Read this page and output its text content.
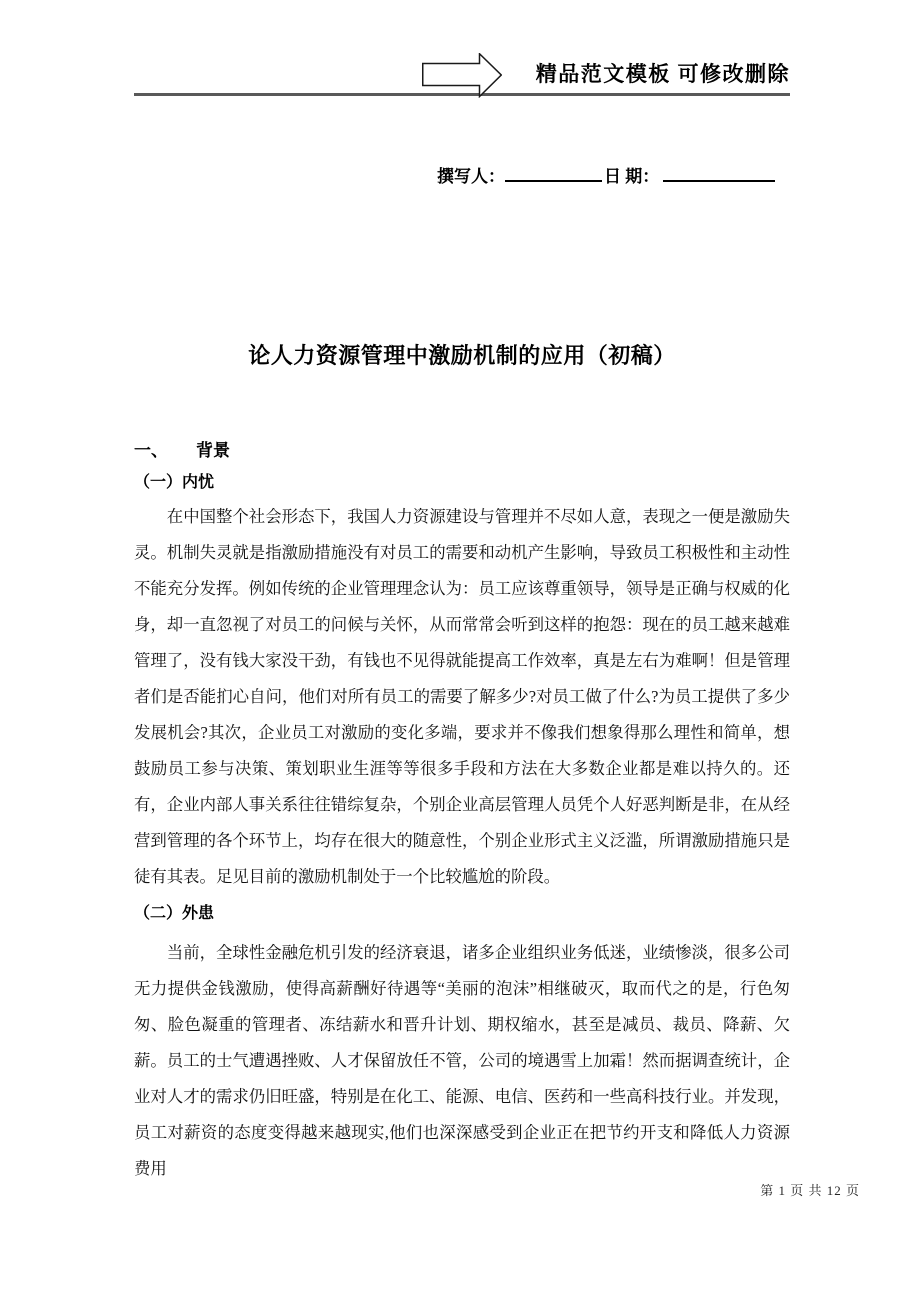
精品范文模板 可修改删除
撰写人：	日 期：
论人力资源管理中激励机制的应用（初稿）
一、 背景
（一）内忧

在中国整个社会形态下，我国人力资源建设与管理并不尽如人意，表现之一便是激励失灵。机制失灵就是指激励措施没有对员工的需要和动机产生影响，导致员工积极性和主动性不能充分发挥。例如传统的企业管理理念认为：员工应该尊重领导，领导是正确与权威的化身，却一直忽视了对员工的问候与关怀，从而常常会听到这样的抱怨：现在的员工越来越难管理了，没有钱大家没干劲，有钱也不见得就能提高工作效率，真是左右为难啊！但是管理者们是否能扪心自问，他们对所有员工的需要了解多少?对员工做了什么?为员工提供了多少发展机会?其次，企业员工对激励的变化多端，要求并不像我们想象得那么理性和简单，想鼓励员工参与决策、策划职业生涯等等很多手段和方法在大多数企业都是难以持久的。还有，企业内部人事关系往往错综复杂，个别企业高层管理人员凭个人好恶判断是非，在从经营到管理的各个环节上，均存在很大的随意性，个别企业形式主义泛滥，所谓激励措施只是徒有其表。足见目前的激励机制处于一个比较尴尬的阶段。

（二）外患

当前，全球性金融危机引发的经济衰退，诸多企业组织业务低迷，业绩惨淡，很多公司无力提供金钱激励，使得高薪酬好待遇等“美丽的泡沫”相继破灭，取而代之的是，行色匆匆、脸色凝重的管理者、冻结薪水和晋升计划、期权缩水，甚至是减员、裁员、降薪、欠薪。员工的士气遭遇挫败、人才保留放任不管，公司的境遇雪上加霜！然而据调查统计，企业对人才的需求仍旧旺盛，特别是在化工、能源、电信、医药和一些高科技行业。并发现，员工对薪资的态度变得越来越现实,他们也深深感受到企业正在把节约开支和降低人力资源费用

第 1 页 共 12 页
